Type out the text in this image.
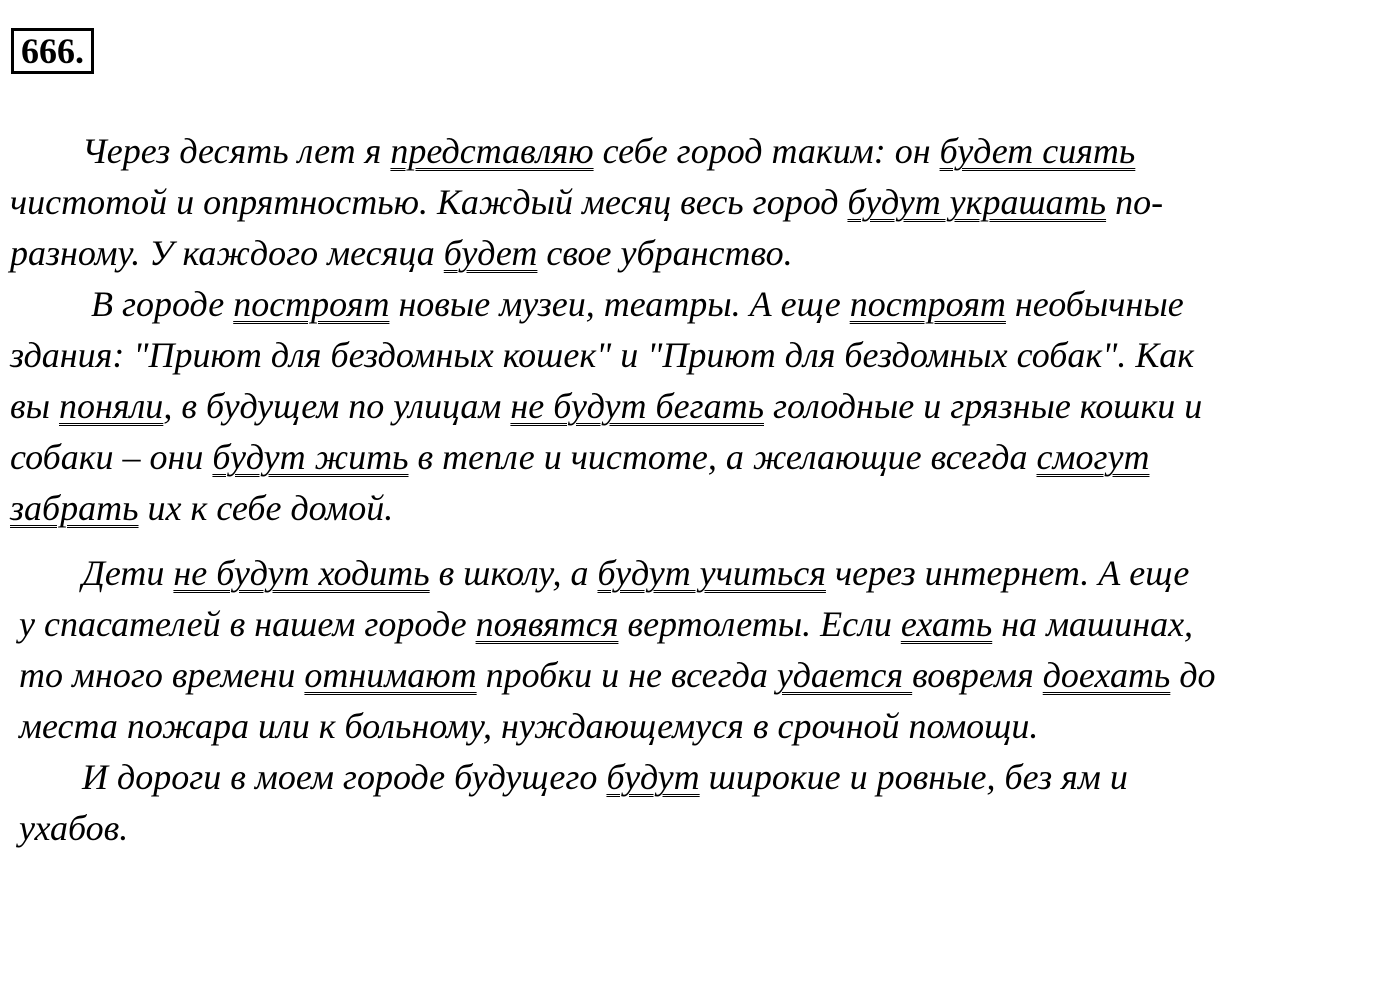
666.
Через десять лет я представляю себе город таким: он будет сиять
чистотой и опрятностью. Каждый месяц весь город будут украшать по-
разному. У каждого месяца будет свое убранство.
В городе построят новые музеи, театры. А еще построят необычные
здания: "Приют для бездомных кошек" и "Приют для бездомных собак". Как
вы поняли, в будущем по улицам не будут бегать голодные и грязные кошки и
собаки – они будут жить в тепле и чистоте, а желающие всегда смогут
забрать их к себе домой.
Дети не будут ходить в школу, а будут учиться через интернет. А еще
у спасателей в нашем городе появятся вертолеты. Если ехать на машинах,
то много времени отнимают пробки и не всегда удается вовремя доехать до
места пожара или к больному, нуждающемуся в срочной помощи.
И дороги в моем городе будущего будут широкие и ровные, без ям и
ухабов.
